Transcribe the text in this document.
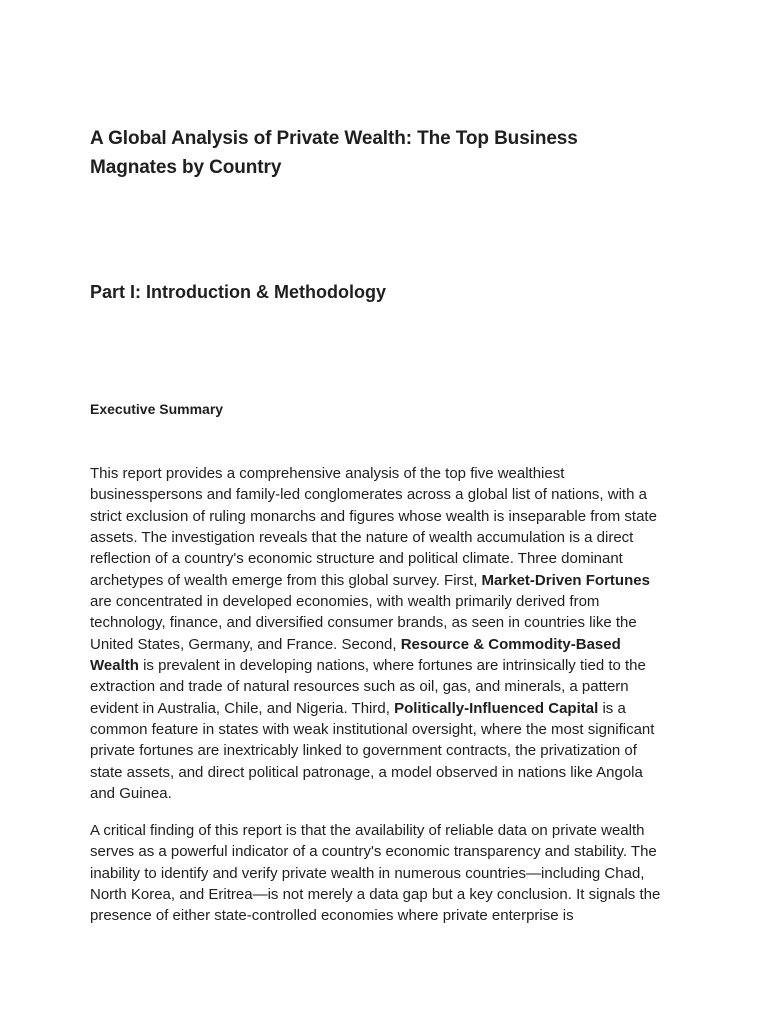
A Global Analysis of Private Wealth: The Top Business
Magnates by Country
Part I: Introduction & Methodology
Executive Summary

This report provides a comprehensive analysis of the top five wealthiest
businesspersons and family-led conglomerates across a global list of nations, with a
strict exclusion of ruling monarchs and figures whose wealth is inseparable from state
assets. The investigation reveals that the nature of wealth accumulation is a direct
reflection of a country's economic structure and political climate. Three dominant
archetypes of wealth emerge from this global survey. First, Market-Driven Fortunes
are concentrated in developed economies, with wealth primarily derived from
technology, finance, and diversified consumer brands, as seen in countries like the
United States, Germany, and France. Second, Resource & Commodity-Based
Wealth is prevalent in developing nations, where fortunes are intrinsically tied to the
extraction and trade of natural resources such as oil, gas, and minerals, a pattern
evident in Australia, Chile, and Nigeria. Third, Politically-Influenced Capital is a
common feature in states with weak institutional oversight, where the most significant
private fortunes are inextricably linked to government contracts, the privatization of
state assets, and direct political patronage, a model observed in nations like Angola
and Guinea.

A critical finding of this report is that the availability of reliable data on private wealth
serves as a powerful indicator of a country's economic transparency and stability. The
inability to identify and verify private wealth in numerous countries—including Chad,
North Korea, and Eritrea—is not merely a data gap but a key conclusion. It signals the
presence of either state-controlled economies where private enterprise is
